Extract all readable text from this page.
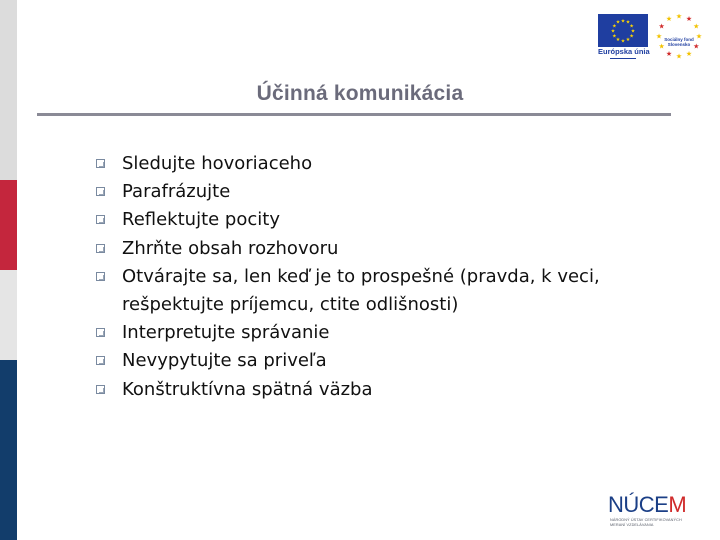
★ ★
★
★
★
★
★
★
★
★
★
★
Európska únia
★ ★
★
★
★
★
★
★
★
★
★
★
Sociálny fond
Slovensko
Účinná komunikácia
Sledujte hovoriaceho
Parafrázujte
Reflektujte pocity
Zhrňte obsah rozhovoru
Otvárajte sa, len keď je to prospešné (pravda, k veci, rešpektujte príjemcu, ctite odlišnosti)
Interpretujte správanie
Nevypytujte sa priveľa
Konštruktívna spätná väzba
NÚCEM
NÁRODNÝ ÚSTAV CERTIFIKOVANÝCH
MERANÍ VZDELÁVANIA
